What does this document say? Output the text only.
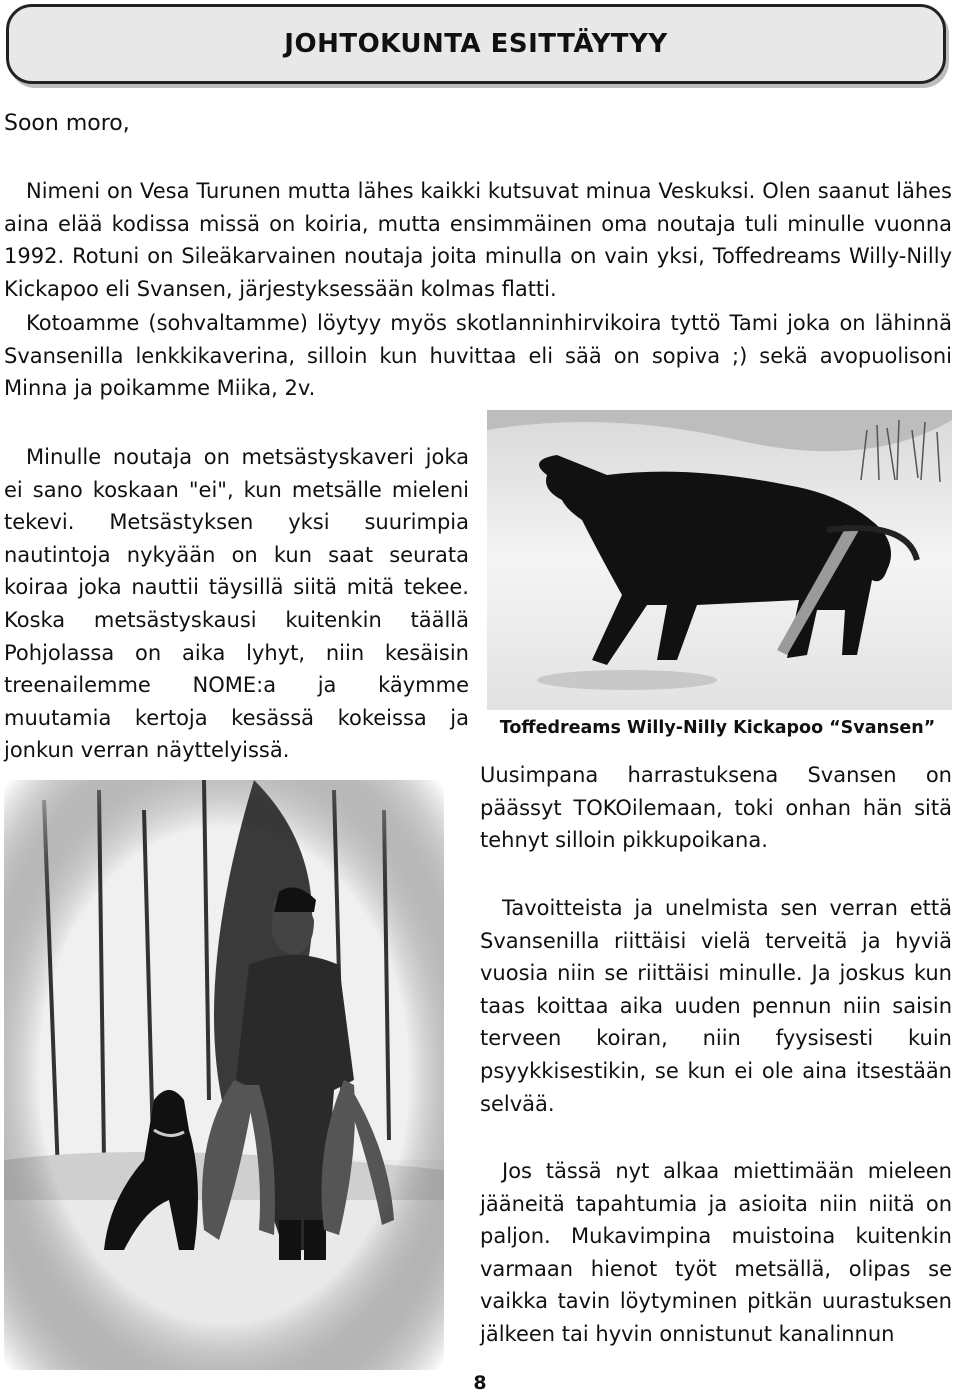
JOHTOKUNTA ESITTÄYTYY

Soon moro,

Nimeni on Vesa Turunen mutta lähes kaikki kutsuvat minua Veskuksi. Olen saanut lähes aina elää kodissa missä on koiria, mutta ensimmäinen oma noutaja tuli minulle vuonna 1992. Rotuni on Sileäkarvainen noutaja joita minulla on vain yksi, Toffedreams Willy-Nilly Kickapoo eli Svansen, järjestyksessään kolmas flatti.

Kotoamme (sohvaltamme) löytyy myös skotlanninhirvikoira tyttö Tami joka on lähinnä Svansenilla lenkkikaverina, silloin kun huvittaa eli sää on sopiva ;) sekä avopuolisoni Minna ja poikamme Miika, 2v.

Minulle noutaja on metsästyskaveri joka ei sano koskaan "ei", kun metsälle mieleni tekevi. Metsästyksen yksi suurimpia nautintoja nykyään on kun saat seurata koiraa joka nauttii täysillä siitä mitä tekee. Koska metsästyskausi kuitenkin täällä Pohjolassa on aika lyhyt, niin kesäisin treenailemme NOME:a ja käymme muutamia kertoja kesässä kokeissa ja jonkun verran näyttelyissä.

Toffedreams Willy-Nilly Kickapoo “Svansen”

Uusimpana harrastuksena Svansen on päässyt TOKOilemaan, toki onhan hän sitä tehnyt silloin pikkupoikana.

Tavoitteista ja unelmista sen verran että Svansenilla riittäisi vielä terveitä ja hyviä vuosia niin se riittäisi minulle. Ja joskus kun taas koittaa aika uuden pennun niin saisin terveen koiran, niin fyysisesti kuin psyykkisestikin, se kun ei ole aina itsestään selvää.

Jos tässä nyt alkaa miettimään mieleen jääneitä tapahtumia ja asioita niin niitä on paljon. Mukavimpina muistoina kuitenkin varmaan hienot työt metsällä, olipas se vaikka tavin löytyminen pitkän uurastuksen jälkeen tai hyvin onnistunut kanalinnun

8
